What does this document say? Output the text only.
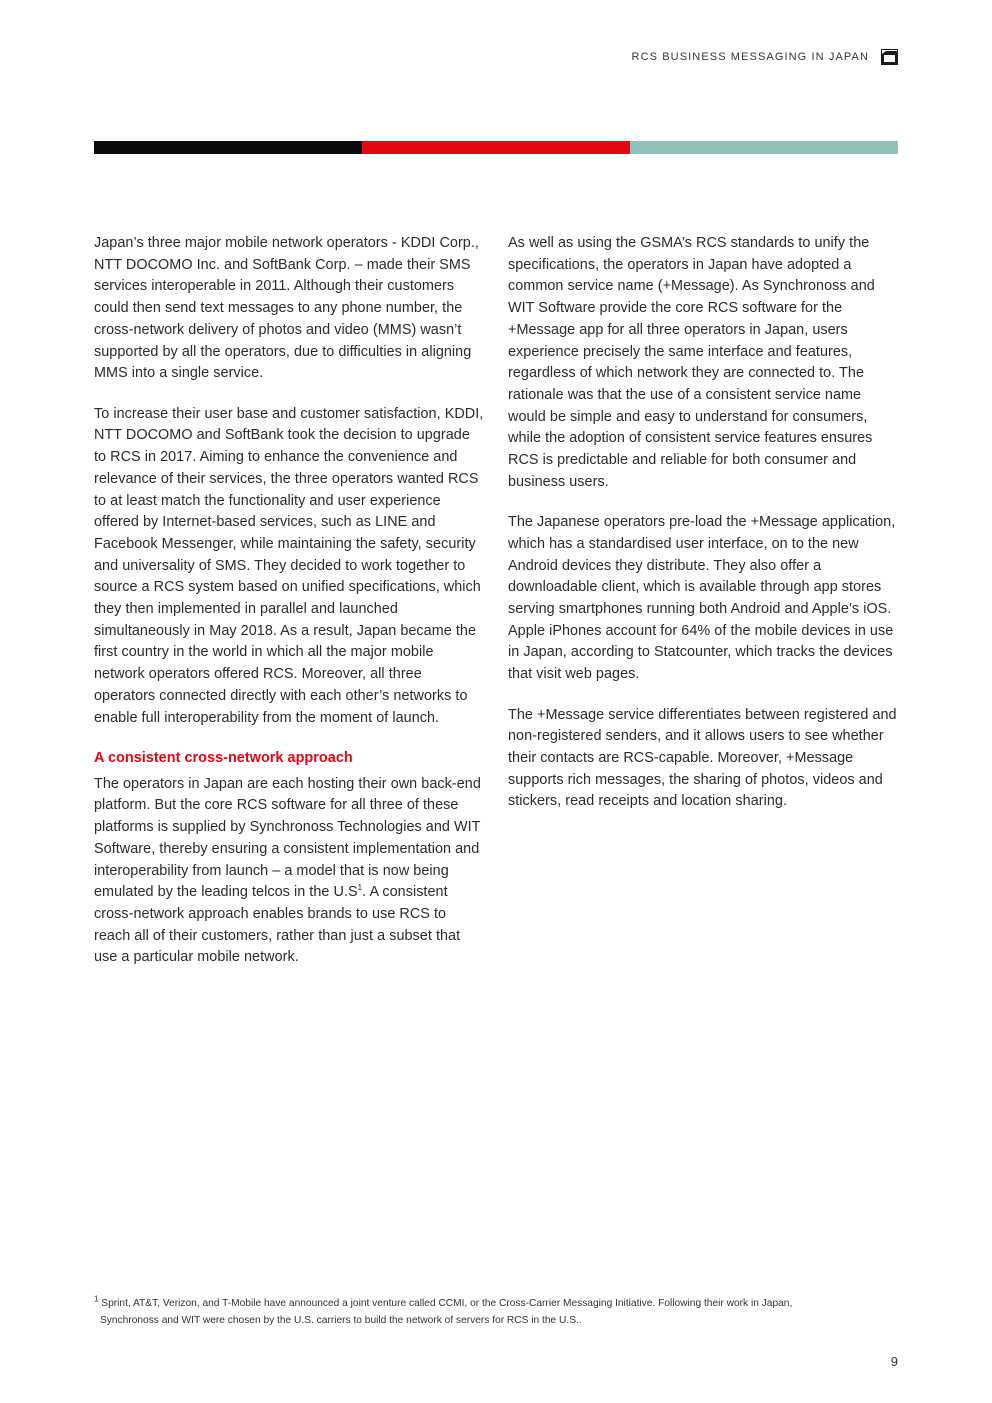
RCS BUSINESS MESSAGING IN JAPAN

Japan’s three major mobile network operators - KDDI Corp., NTT DOCOMO Inc. and SoftBank Corp. – made their SMS services interoperable in 2011. Although their customers could then send text messages to any phone number, the cross-network delivery of photos and video (MMS) wasn’t supported by all the operators, due to difficulties in aligning MMS into a single service.

To increase their user base and customer satisfaction, KDDI, NTT DOCOMO and SoftBank took the decision to upgrade to RCS in 2017. Aiming to enhance the convenience and relevance of their services, the three operators wanted RCS to at least match the functionality and user experience offered by Internet-based services, such as LINE and Facebook Messenger, while maintaining the safety, security and universality of SMS. They decided to work together to source a RCS system based on unified specifications, which they then implemented in parallel and launched simultaneously in May 2018. As a result, Japan became the first country in the world in which all the major mobile network operators offered RCS. Moreover, all three operators connected directly with each other’s networks to enable full interoperability from the moment of launch.

A consistent cross-network approach

The operators in Japan are each hosting their own back-end platform. But the core RCS software for all three of these platforms is supplied by Synchronoss Technologies and WIT Software, thereby ensuring a consistent implementation and interoperability from launch – a model that is now being emulated by the leading telcos in the $U.S^1$. A consistent cross-network approach enables brands to use RCS to reach all of their customers, rather than just a subset that use a particular mobile network.

As well as using the GSMA’s RCS standards to unify the specifications, the operators in Japan have adopted a common service name (+Message). As Synchronoss and WIT Software provide the core RCS software for the +Message app for all three operators in Japan, users experience precisely the same interface and features, regardless of which network they are connected to. The rationale was that the use of a consistent service name would be simple and easy to understand for consumers, while the adoption of consistent service features ensures RCS is predictable and reliable for both consumer and business users.

The Japanese operators pre-load the +Message application, which has a standardised user interface, on to the new Android devices they distribute. They also offer a downloadable client, which is available through app stores serving smartphones running both Android and Apple’s iOS. Apple iPhones account for 64% of the mobile devices in use in Japan, according to Statcounter, which tracks the devices that visit web pages.

The +Message service differentiates between registered and non-registered senders, and it allows users to see whether their contacts are RCS-capable. Moreover, +Message supports rich messages, the sharing of photos, videos and stickers, read receipts and location sharing.

$^1$ Sprint, AT&T, Verizon, and T-Mobile have announced a joint venture called CCMI, or the Cross-Carrier Messaging Initiative. Following their work in Japan,
Synchronoss and WIT were chosen by the U.S. carriers to build the network of servers for RCS in the U.S..
9
